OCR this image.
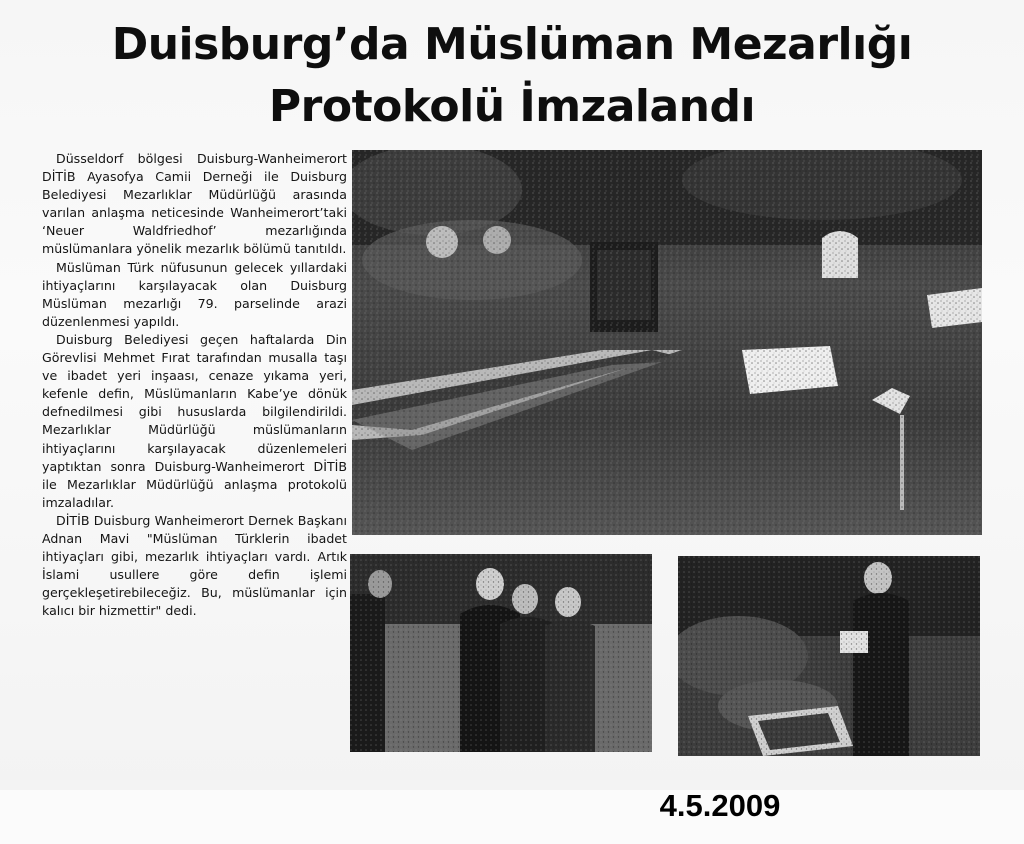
Duisburg’da Müslüman Mezarlığı
Protokolü İmzalandı

Düsseldorf bölgesi Duisburg-Wanheimerort DİTİB Ayasofya Camii Derneği ile Duisburg Belediyesi Mezarlıklar Müdürlüğü arasında varılan anlaşma neticesinde Wanheimerort’taki ‘Neuer Waldfriedhof’ mezarlığında müslümanlara yönelik mezarlık bölümü tanıtıldı.

Müslüman Türk nüfusunun gelecek yıllardaki ihtiyaçlarını karşılayacak olan Duisburg Müslüman mezarlığı 79. parselinde arazi düzenlenmesi yapıldı.

Duisburg Belediyesi geçen haftalarda Din Görevlisi Mehmet Fırat tarafından musalla taşı ve ibadet yeri inşaası, cenaze yıkama yeri, kefenle defin, Müslümanların Kabe’ye dönük defnedilmesi gibi hususlarda bilgilendirildi. Mezarlıklar Müdürlüğü müslümanların ihtiyaçlarını karşılayacak düzenlemeleri yaptıktan sonra Duisburg-Wanheimerort DİTİB ile Mezarlıklar Müdürlüğü anlaşma protokolü imzaladılar.

DİTİB Duisburg Wanheimerort Dernek Başkanı Adnan Mavi "Müslüman Türklerin ibadet ihtiyaçları gibi, mezarlık ihtiyaçları vardı. Artık İslami usullere göre defin işlemi gerçekleşetirebileceğiz. Bu, müslümanlar için kalıcı bir hizmettir" dedi.

4.5.2009
